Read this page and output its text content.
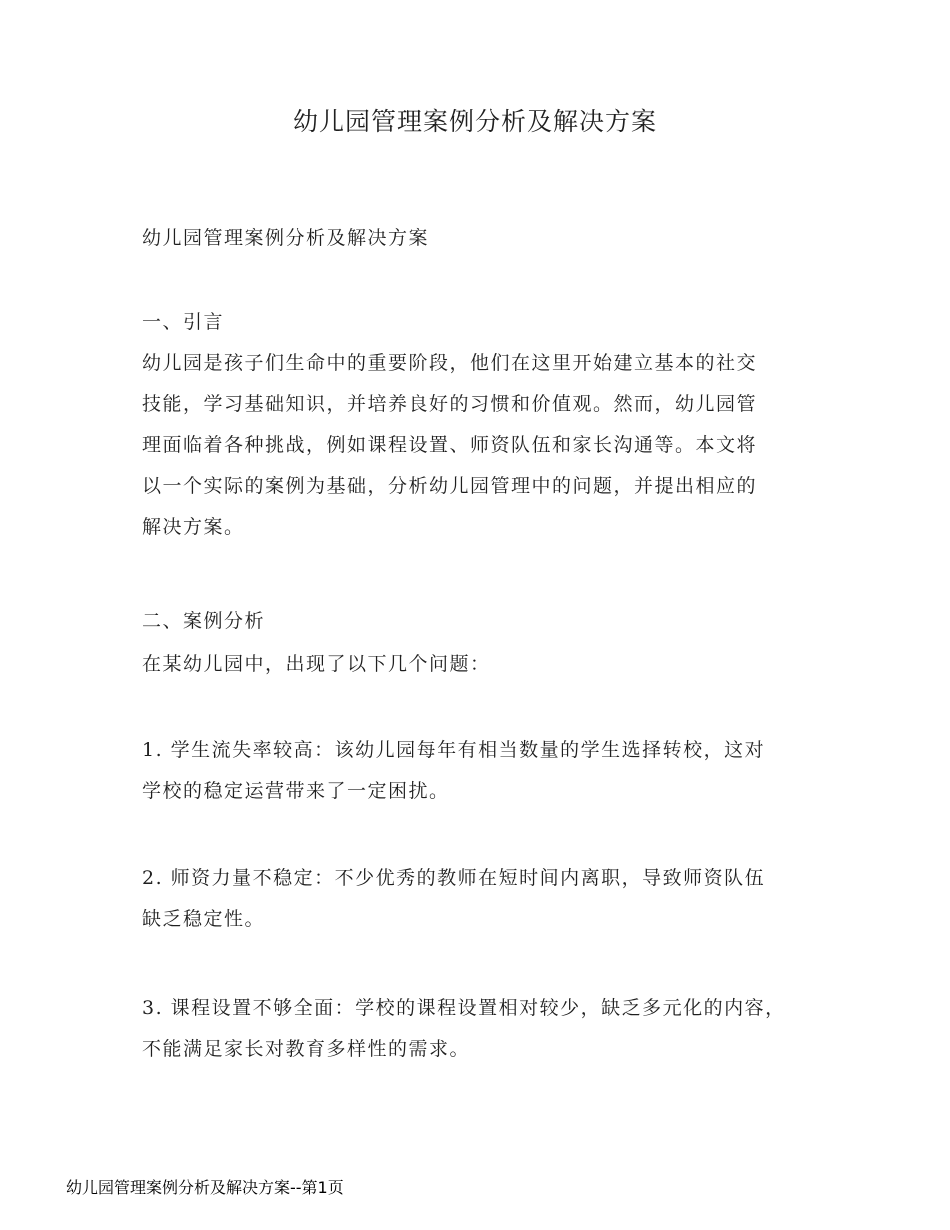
幼儿园管理案例分析及解决方案

幼儿园管理案例分析及解决方案

一、引言

幼儿园是孩子们生命中的重要阶段，他们在这里开始建立基本的社交
技能，学习基础知识，并培养良好的习惯和价值观。然而，幼儿园管
理面临着各种挑战，例如课程设置、师资队伍和家长沟通等。本文将
以一个实际的案例为基础，分析幼儿园管理中的问题，并提出相应的
解决方案。

二、案例分析

在某幼儿园中，出现了以下几个问题：

1. 学生流失率较高：该幼儿园每年有相当数量的学生选择转校，这对
学校的稳定运营带来了一定困扰。

2. 师资力量不稳定：不少优秀的教师在短时间内离职，导致师资队伍
缺乏稳定性。

3. 课程设置不够全面：学校的课程设置相对较少，缺乏多元化的内容，
不能满足家长对教育多样性的需求。

幼儿园管理案例分析及解决方案--第1页
